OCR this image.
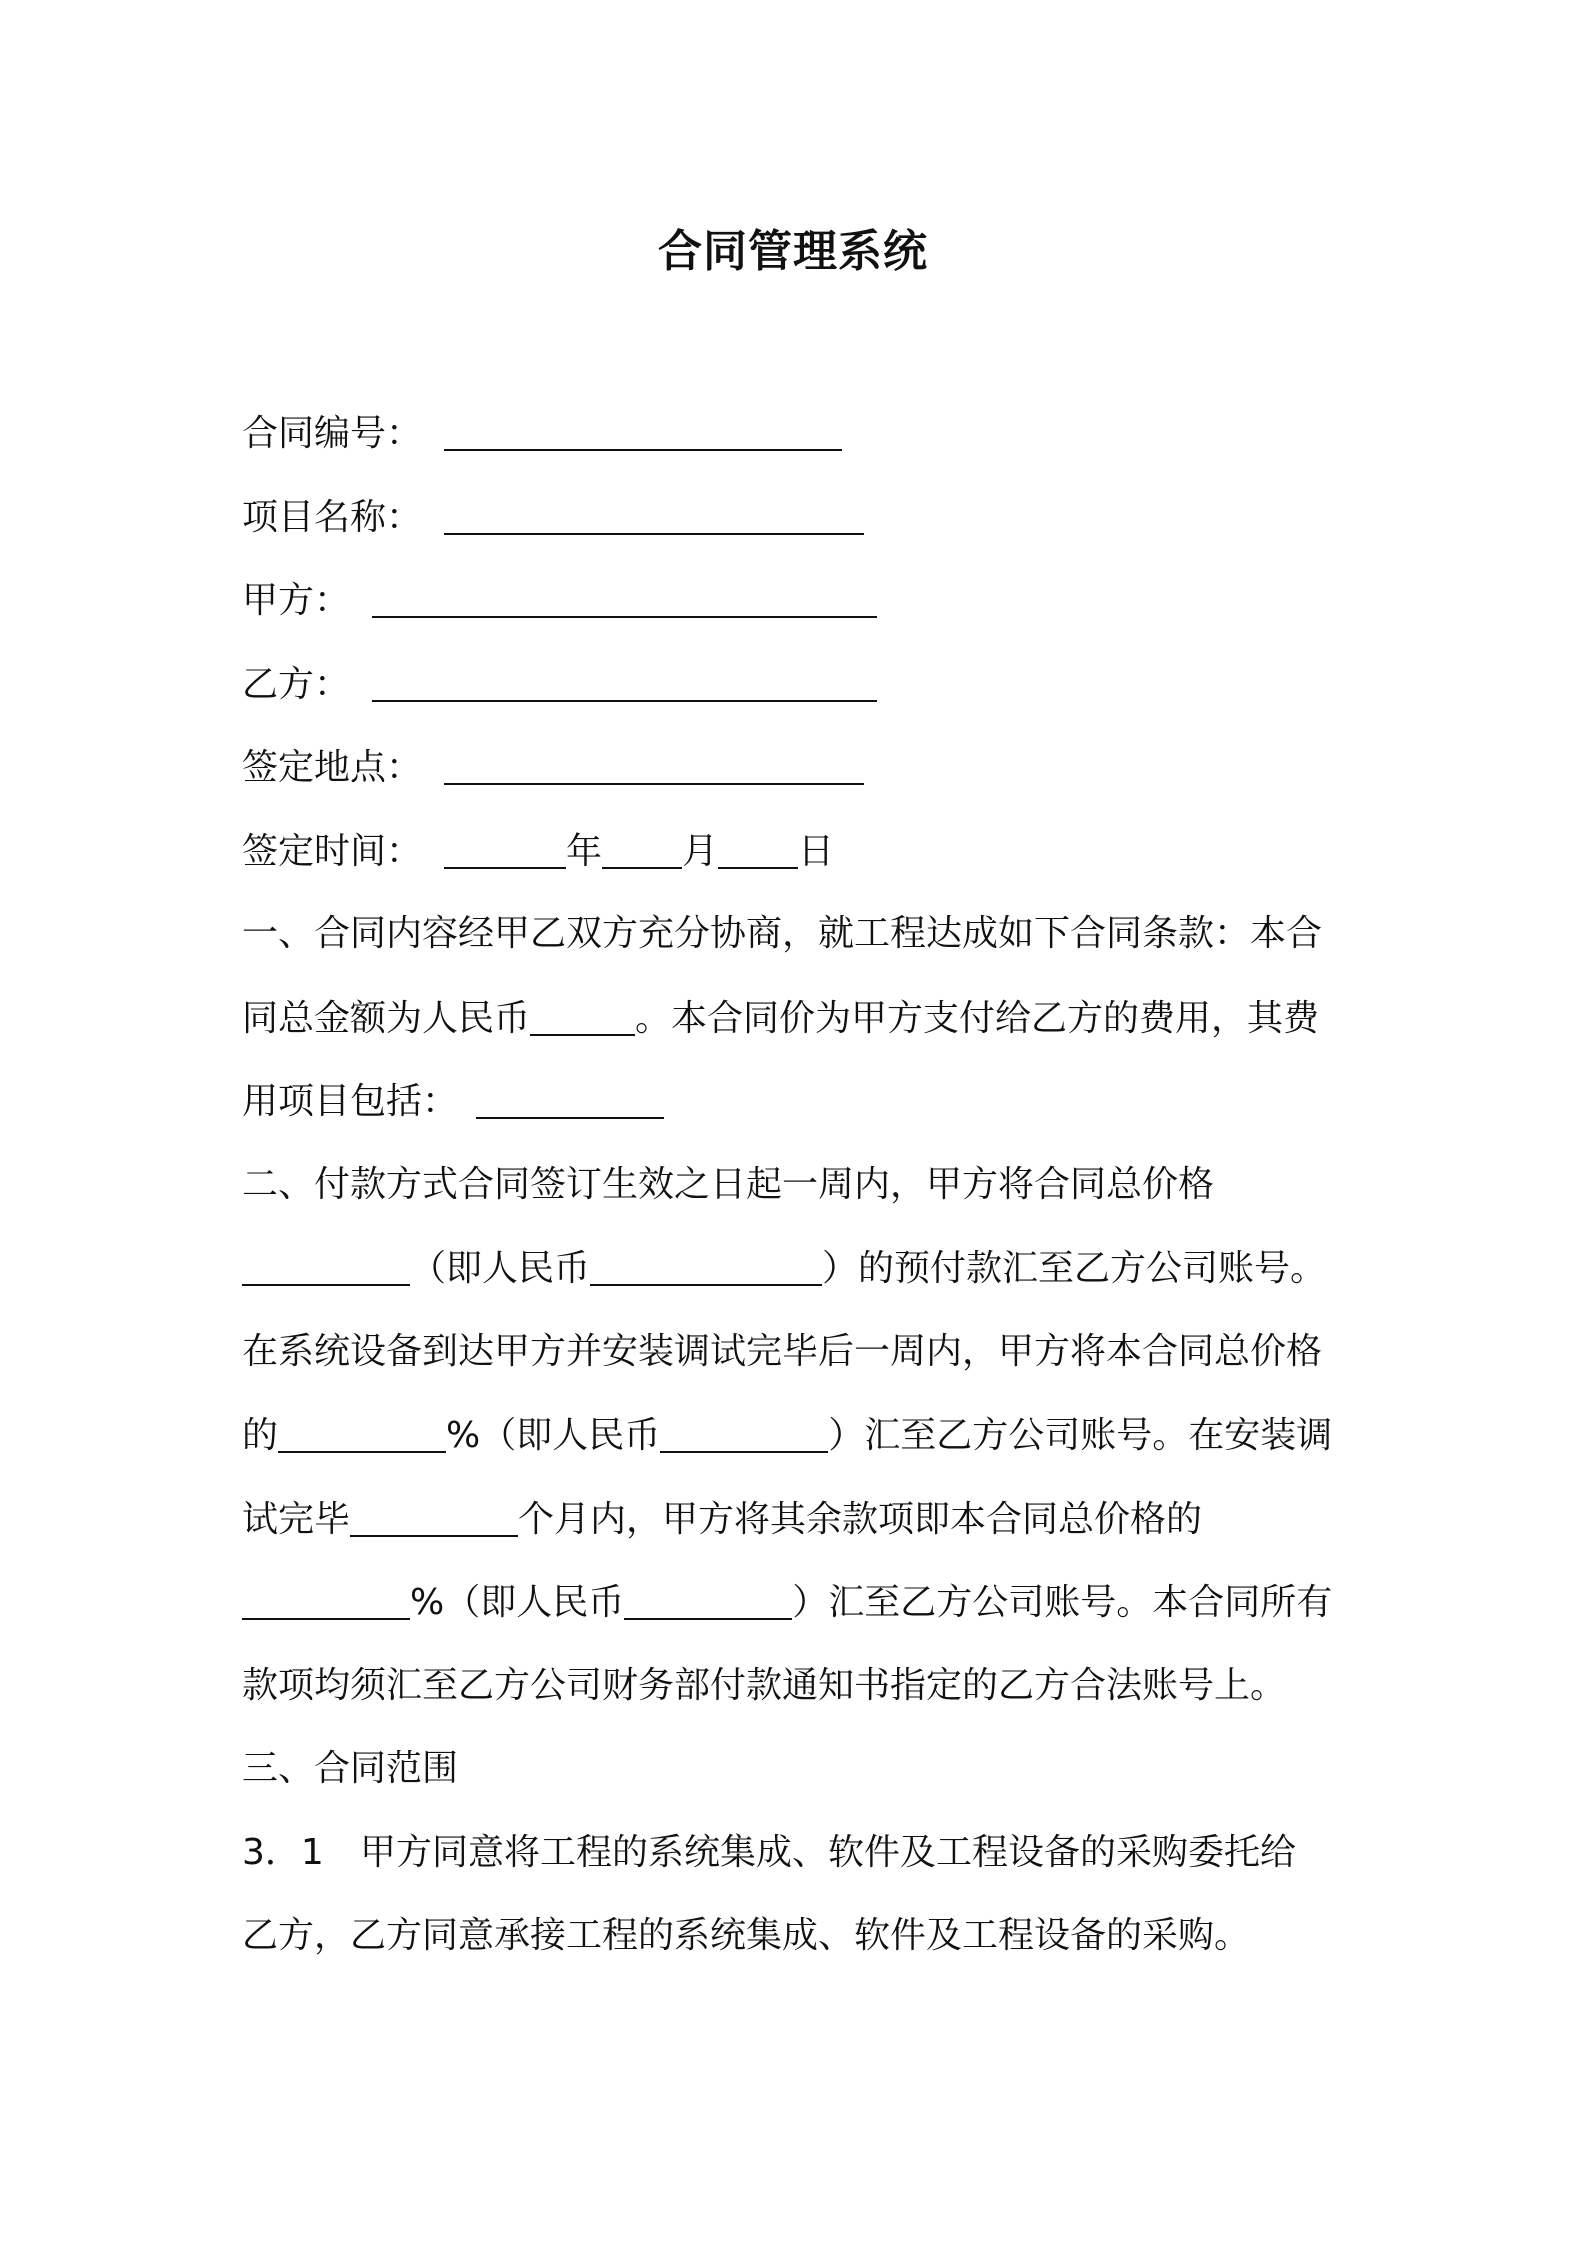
合同管理系统
合同编号：
项目名称：
甲方：
乙方：
签定地点：
签定时间：	年 月 日
一、合同内容经甲乙双方充分协商，就工程达成如下合同条款：本合
同总金额为人民币	。本合同价为甲方支付给乙方的费用，其费
用项目包括：
二、付款方式合同签订生效之日起一周内，甲方将合同总价格
（即人民币	）的预付款汇至乙方公司账号。
在系统设备到达甲方并安装调试完毕后一周内，甲方将本合同总价格
的	%（即人民币	）汇至乙方公司账号。在安装调
试完毕	个月内，甲方将其余款项即本合同总价格的
%（即人民币	）汇至乙方公司账号。本合同所有
款项均须汇至乙方公司财务部付款通知书指定的乙方合法账号上。
三、合同范围
3．1 甲方同意将工程的系统集成、软件及工程设备的采购委托给
乙方，乙方同意承接工程的系统集成、软件及工程设备的采购。
